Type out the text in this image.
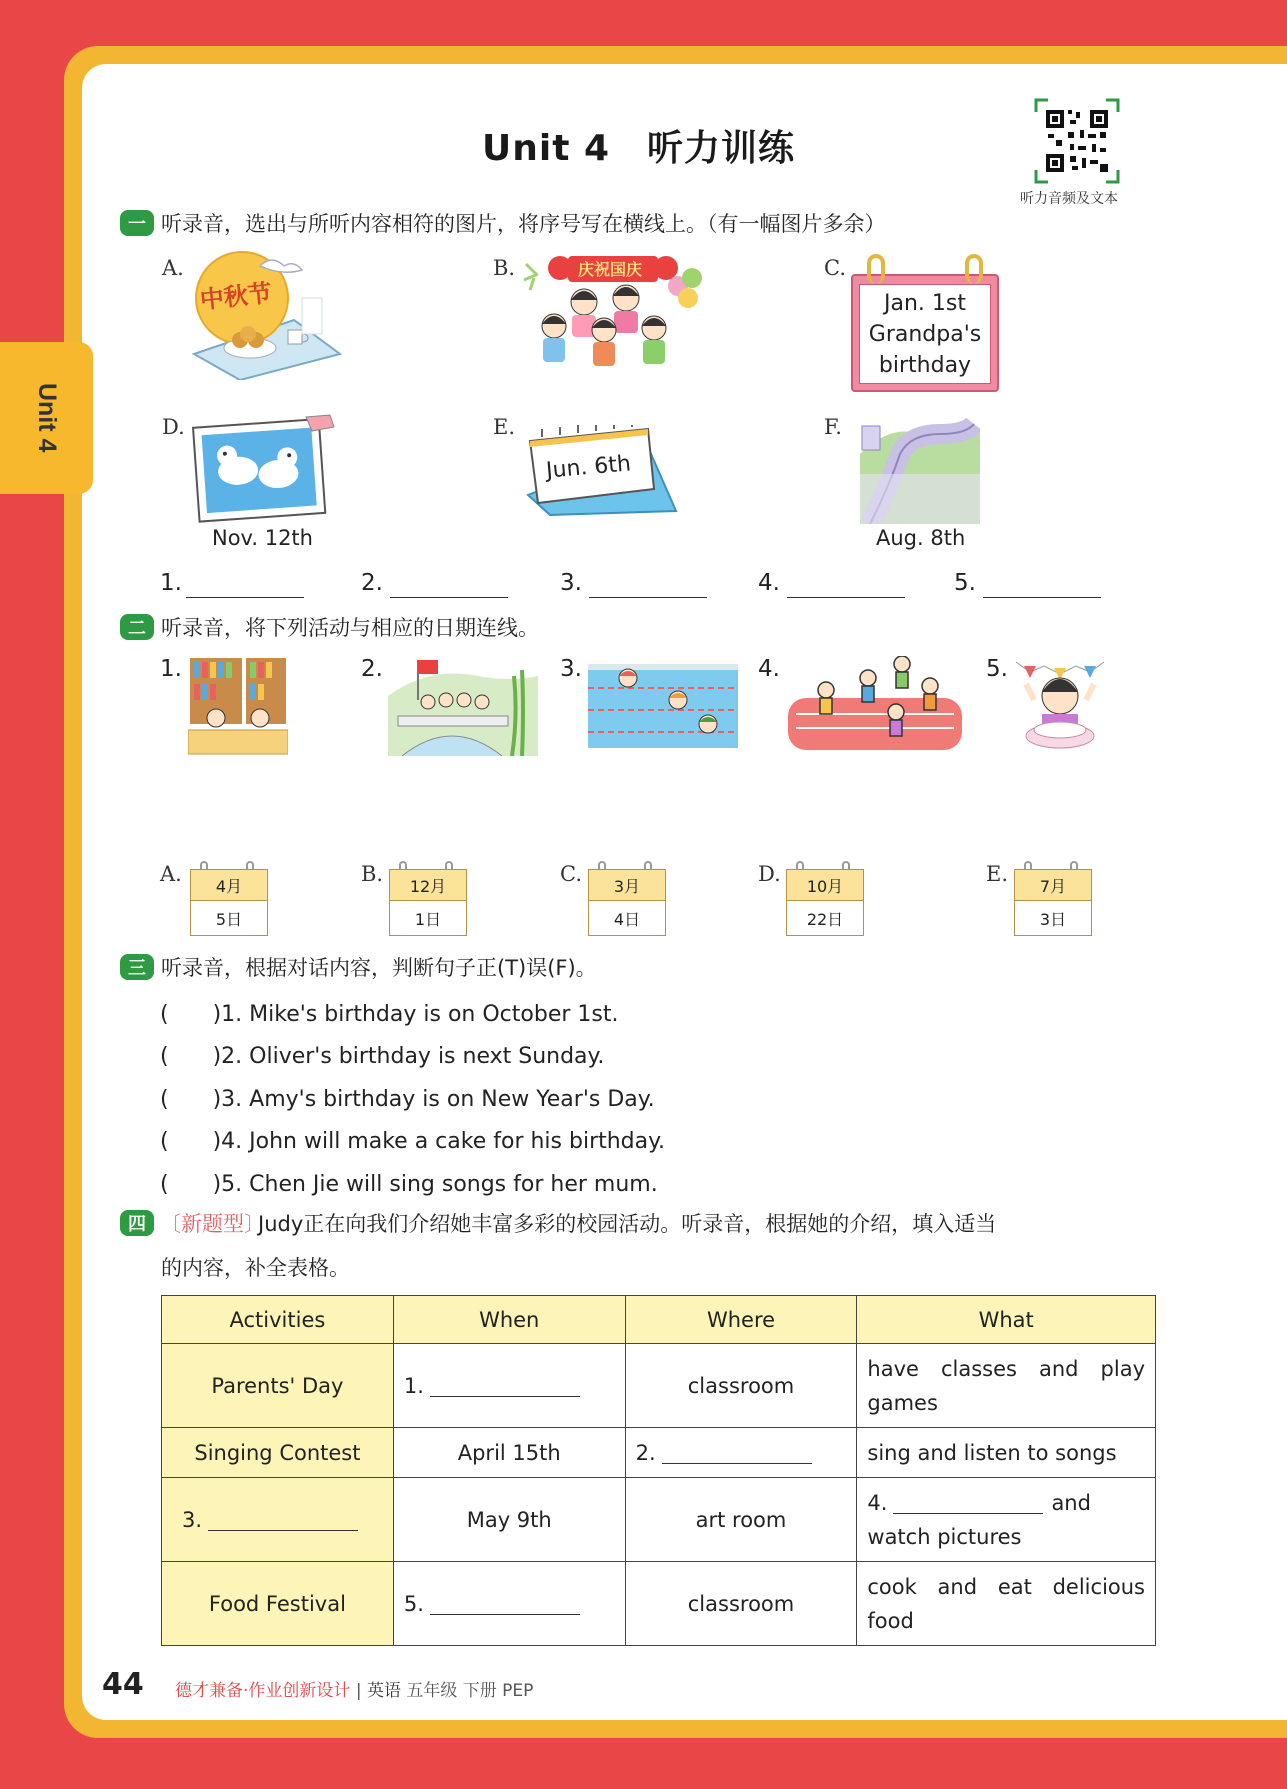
Unit 4
Unit 4　听力训练
听力音频及文本
一 听录音，选出与所听内容相符的图片，将序号写在横线上。（有一幅图片多余）
A.
中秋节
B.	庆祝国庆	C.
Jan. 1st
Grandpa's
birthday
D.
Nov. 12th
E.
Jun. 6th
F.
Aug. 8th
1.	2.	3.	4.	5.
二 听录音，将下列活动与相应的日期连线。
1.	2.	3.	4.	5.
A.	4月
5日
B.	12月
1日
C.	3月
4日
D.	10月
22日
E.	7月
3日
三 听录音，根据对话内容，判断句子正(T)误(F)。
(　　)1. Mike's birthday is on October 1st.
(　　)2. Oliver's birthday is next Sunday.
(　　)3. Amy's birthday is on New Year's Day.
(　　)4. John will make a cake for his birthday.
(　　)5. Chen Jie will sing songs for her mum.
四 〔新题型〕
Judy正在向我们介绍她丰富多彩的校园活动。听录音，根据她的介绍，填入适当
的内容，补全表格。
Activities	When	Where	What
Parents' Day	1.	classroom	have classes and play games
Singing Contest	April 15th	2.	sing and listen to songs
3.	May 9th	art room	4. and
watch pictures
Food Festival	5.	classroom	cook and eat delicious food
44 德才兼备·作业创新设计 | 英语 五年级 下册 PEP
